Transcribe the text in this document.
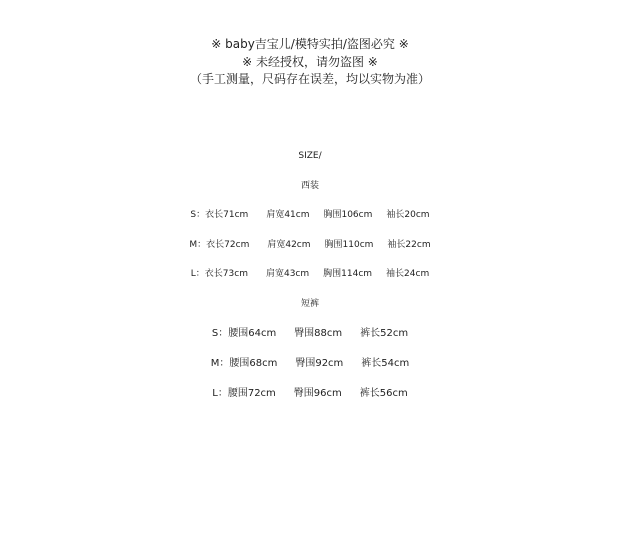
※ baby吉宝儿/模特实拍/盗图必究 ※
※ 未经授权，请勿盗图 ※
（手工测量，尺码存在误差，均以实物为准）
SIZE/
西装
S：衣长71cm 肩宽41cm 胸围106cm 袖长20cm
M：衣长72cm 肩宽42cm 胸围110cm 袖长22cm
L：衣长73cm 肩宽43cm 胸围114cm 袖长24cm
短裤
S：腰围64cm 臀围88cm 裤长52cm
M：腰围68cm 臀围92cm 裤长54cm
L：腰围72cm 臀围96cm 裤长56cm
